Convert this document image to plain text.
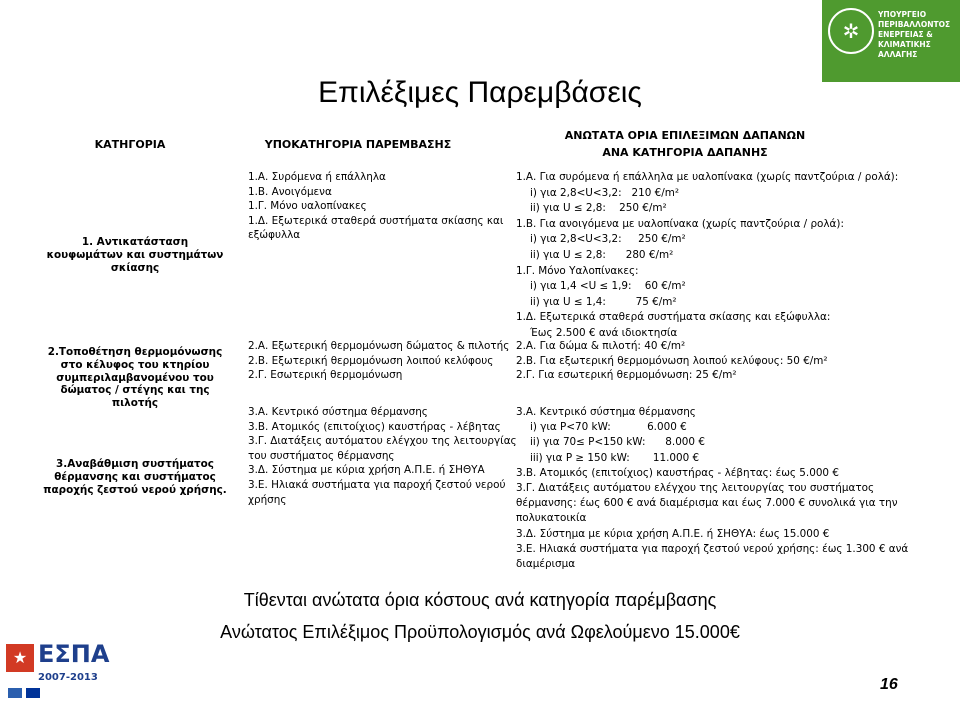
✲
ΥΠΟΥΡΓΕΙΟ
ΠΕΡΙΒΑΛΛΟΝΤΟΣ
ΕΝΕΡΓΕΙΑΣ &
ΚΛΙΜΑΤΙΚΗΣ
ΑΛΛΑΓΗΣ
Επιλέξιμες Παρεμβάσεις
ΚΑΤΗΓΟΡΙΑ	ΥΠΟΚΑΤΗΓΟΡΙΑ ΠΑΡΕΜΒΑΣΗΣ
ΑΝΩΤΑΤΑ ΟΡΙΑ ΕΠΙΛΕΞΙΜΩΝ ΔΑΠΑΝΩΝ
ΑΝΑ ΚΑΤΗΓΟΡΙΑ ΔΑΠΑΝΗΣ
1. Αντικατάσταση κουφωμάτων και συστημάτων σκίασης
2.Τοποθέτηση θερμομόνωσης στο κέλυφος του κτηρίου συμπεριλαμβανομένου του δώματος / στέγης και της πιλοτής
3.Αναβάθμιση συστήματος θέρμανσης και συστήματος παροχής ζεστού νερού χρήσης.
1.Α. Συρόμενα ή επάλληλα
1.Β. Ανοιγόμενα
1.Γ. Μόνο υαλοπίνακες
1.Δ. Εξωτερικά σταθερά συστήματα σκίασης και
εξώφυλλα
2.Α. Εξωτερική θερμομόνωση δώματος & πιλοτής
2.Β. Εξωτερική θερμομόνωση λοιπού κελύφους
2.Γ. Εσωτερική θερμομόνωση
3.Α. Κεντρικό σύστημα θέρμανσης
3.Β. Ατομικός (επιτοίχιος) καυστήρας - λέβητας
3.Γ. Διατάξεις αυτόματου ελέγχου της λειτουργίας
του συστήματος θέρμανσης
3.Δ. Σύστημα με κύρια χρήση Α.Π.Ε. ή ΣΗΘΥΑ
3.Ε. Ηλιακά συστήματα για παροχή ζεστού νερού
χρήσης
1.Α. Για συρόμενα ή επάλληλα με υαλοπίνακα (χωρίς παντζούρια / ρολά):
i) για 2,8<U<3,2:   210 €/m²
ii) για U ≤ 2,8:    250 €/m²
1.Β. Για ανοιγόμενα με υαλοπίνακα (χωρίς παντζούρια / ρολά):
i) για 2,8<U<3,2:     250 €/m²
ii) για U ≤ 2,8:      280 €/m²
1.Γ. Μόνο Υαλοπίνακες:
i) για 1,4 <U ≤ 1,9:    60 €/m²
ii) για U ≤ 1,4:         75 €/m²
1.Δ. Εξωτερικά σταθερά συστήματα σκίασης και εξώφυλλα:
Έως 2.500 € ανά ιδιοκτησία
2.Α. Για δώμα & πιλοτή: 40 €/m²
2.Β. Για εξωτερική θερμομόνωση λοιπού κελύφους: 50 €/m²
2.Γ. Για εσωτερική θερμομόνωση: 25 €/m²
3.Α. Κεντρικό σύστημα θέρμανσης
i) για P<70 kW:           6.000 €
ii) για 70≤ P<150 kW:      8.000 €
iii) για P ≥ 150 kW:       11.000 €
3.Β. Ατομικός (επιτοίχιος) καυστήρας - λέβητας: έως 5.000 €
3.Γ. Διατάξεις αυτόματου ελέγχου της λειτουργίας του συστήματος
θέρμανσης: έως 600 € ανά διαμέρισμα και έως 7.000 € συνολικά για την
πολυκατοικία
3.Δ. Σύστημα με κύρια χρήση Α.Π.Ε. ή ΣΗΘΥΑ: έως 15.000 €
3.Ε. Ηλιακά συστήματα για παροχή ζεστού νερού χρήσης: έως 1.300 € ανά
διαμέρισμα
Τίθενται ανώτατα όρια κόστους ανά κατηγορία παρέμβασης
Ανώτατος Επιλέξιμος Προϋπολογισμός ανά Ωφελούμενο 15.000€
★ ΕΣΠΑ
2007-2013	16
